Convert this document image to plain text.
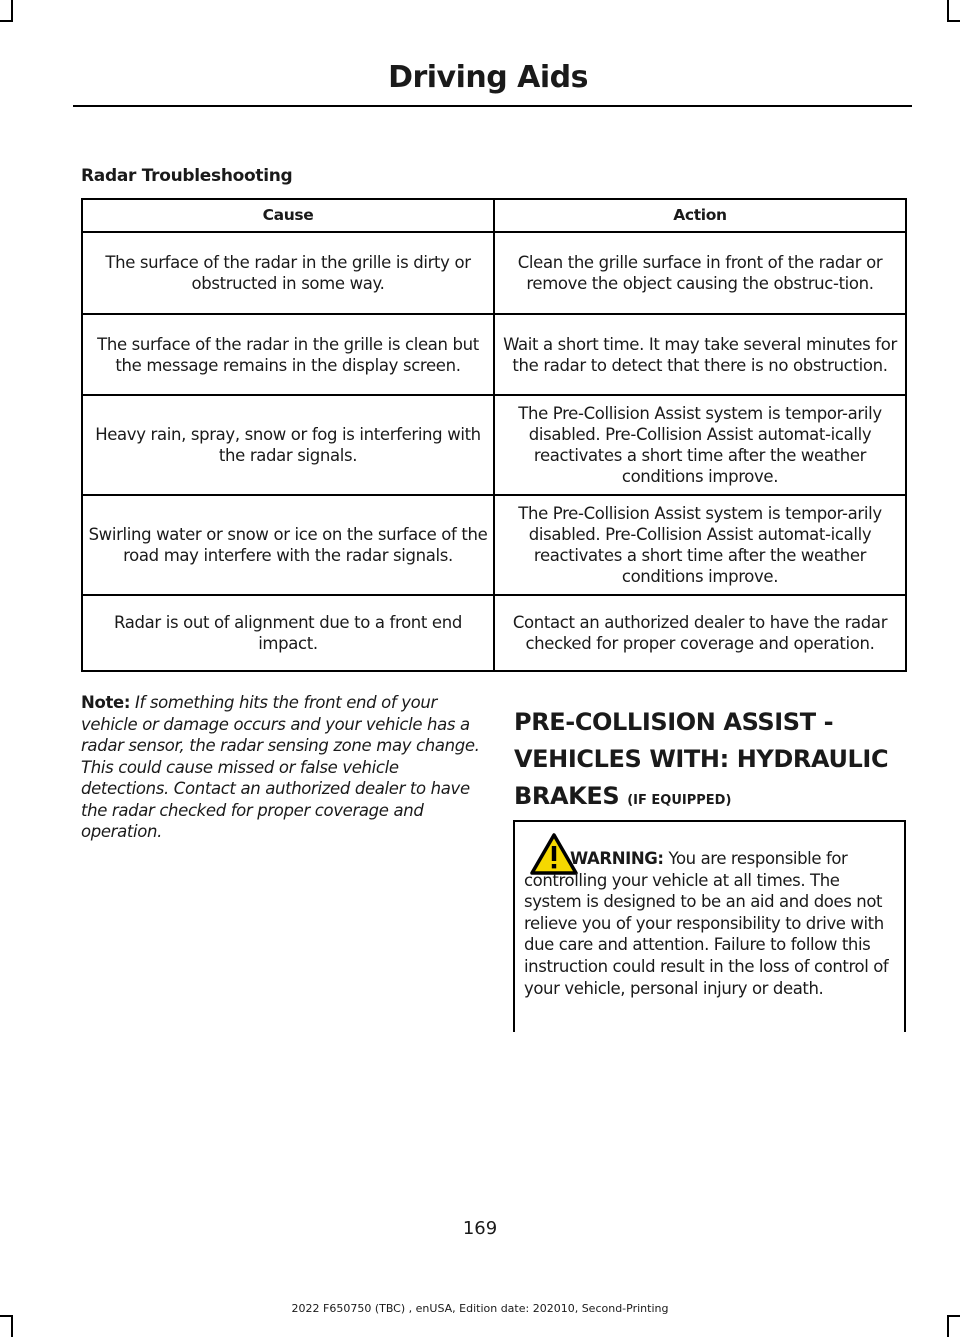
Driving Aids
Radar Troubleshooting
Cause	Action
The surface of the radar in the grille is dirty or obstructed in some way.	Clean the grille surface in front of the radar or remove the object causing the obstruc-tion.
The surface of the radar in the grille is clean but the message remains in the display screen.	Wait a short time. It may take several minutes for the radar to detect that there is no obstruction.
Heavy rain, spray, snow or fog is interfering with the radar signals.	The Pre-Collision Assist system is tempor-arily disabled. Pre-Collision Assist automat-ically reactivates a short time after the weather conditions improve.
Swirling water or snow or ice on the surface of the road may interfere with the radar signals.	The Pre-Collision Assist system is tempor-arily disabled. Pre-Collision Assist automat-ically reactivates a short time after the weather conditions improve.
Radar is out of alignment due to a front end impact.	Contact an authorized dealer to have the radar checked for proper coverage and operation.
Note: If something hits the front end of your vehicle or damage occurs and your vehicle has a radar sensor, the radar sensing zone may change. This could cause missed or false vehicle detections. Contact an authorized dealer to have the radar checked for proper coverage and operation.
PRE-COLLISION ASSIST - VEHICLES WITH: HYDRAULIC BRAKES (IF EQUIPPED)
WARNING: You are responsible for controlling your vehicle at all times. The system is designed to be an aid and does not relieve you of your responsibility to drive with due care and attention. Failure to follow this instruction could result in the loss of control of your vehicle, personal injury or death.
169
2022 F650750 (TBC) , enUSA, Edition date: 202010, Second-Printing
